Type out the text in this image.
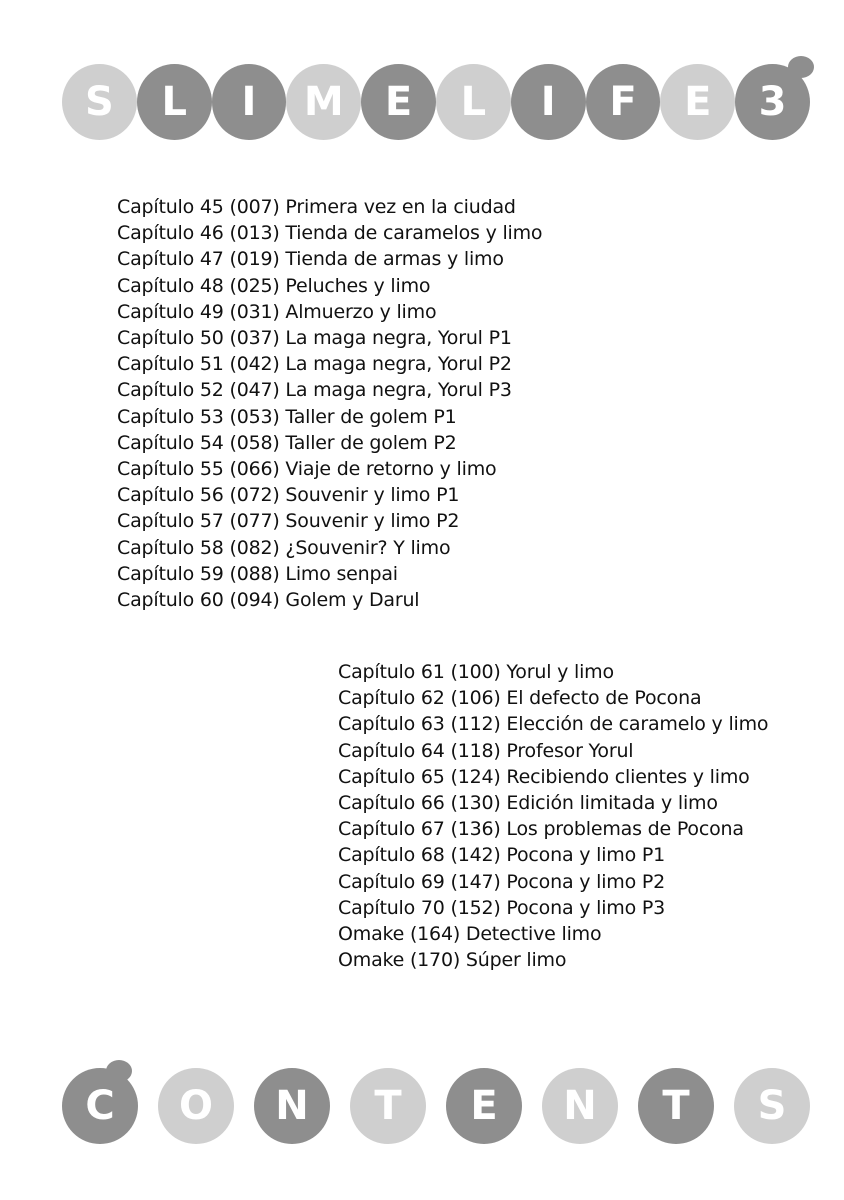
S	L	I	M	E	L	I	F	E	3
Capítulo 45 (007) Primera vez en la ciudad
Capítulo 46 (013) Tienda de caramelos y limo
Capítulo 47 (019) Tienda de armas y limo
Capítulo 48 (025) Peluches y limo
Capítulo 49 (031) Almuerzo y limo
Capítulo 50 (037) La maga negra, Yorul P1
Capítulo 51 (042) La maga negra, Yorul P2
Capítulo 52 (047) La maga negra, Yorul P3
Capítulo 53 (053) Taller de golem P1
Capítulo 54 (058) Taller de golem P2
Capítulo 55 (066) Viaje de retorno y limo
Capítulo 56 (072) Souvenir y limo P1
Capítulo 57 (077) Souvenir y limo P2
Capítulo 58 (082) ¿Souvenir? Y limo
Capítulo 59 (088) Limo senpai
Capítulo 60 (094) Golem y Darul
Capítulo 61 (100) Yorul y limo
Capítulo 62 (106) El defecto de Pocona
Capítulo 63 (112) Elección de caramelo y limo
Capítulo 64 (118) Profesor Yorul
Capítulo 65 (124) Recibiendo clientes y limo
Capítulo 66 (130) Edición limitada y limo
Capítulo 67 (136) Los problemas de Pocona
Capítulo 68 (142) Pocona y limo P1
Capítulo 69 (147) Pocona y limo P2
Capítulo 70 (152) Pocona y limo P3
Omake (164) Detective limo
Omake (170) Súper limo
C	O	N	T	E	N	T	S
